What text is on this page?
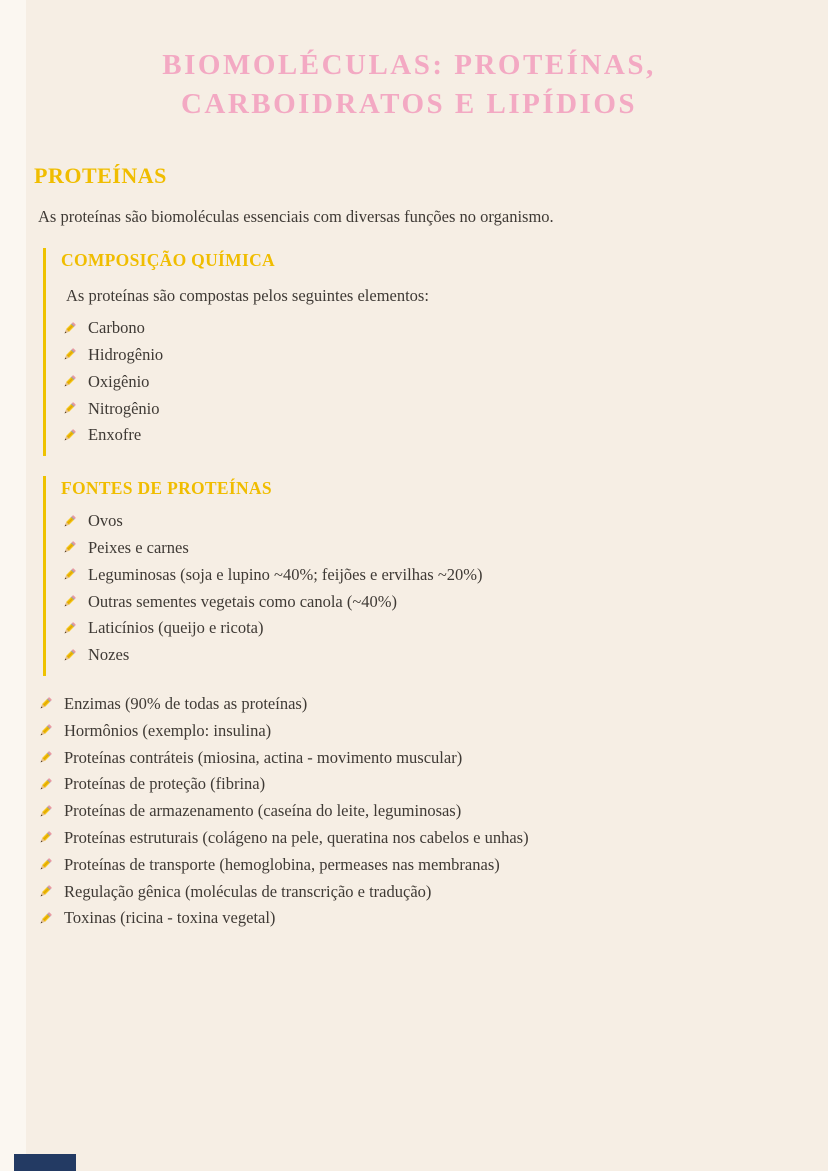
BIOMOLÉCULAS: PROTEÍNAS,
CARBOIDRATOS E LIPÍDIOS
PROTEÍNAS

As proteínas são biomoléculas essenciais com diversas funções no organismo.

COMPOSIÇÃO QUÍMICA

As proteínas são compostas pelos seguintes elementos:

Carbono
Hidrogênio
Oxigênio
Nitrogênio
Enxofre
FONTES DE PROTEÍNAS
Ovos
Peixes e carnes
Leguminosas (soja e lupino ~40%; feijões e ervilhas ~20%)
Outras sementes vegetais como canola (~40%)
Laticínios (queijo e ricota)
Nozes
Enzimas (90% de todas as proteínas)
Hormônios (exemplo: insulina)
Proteínas contráteis (miosina, actina - movimento muscular)
Proteínas de proteção (fibrina)
Proteínas de armazenamento (caseína do leite, leguminosas)
Proteínas estruturais (colágeno na pele, queratina nos cabelos e unhas)
Proteínas de transporte (hemoglobina, permeases nas membranas)
Regulação gênica (moléculas de transcrição e tradução)
Toxinas (ricina - toxina vegetal)
